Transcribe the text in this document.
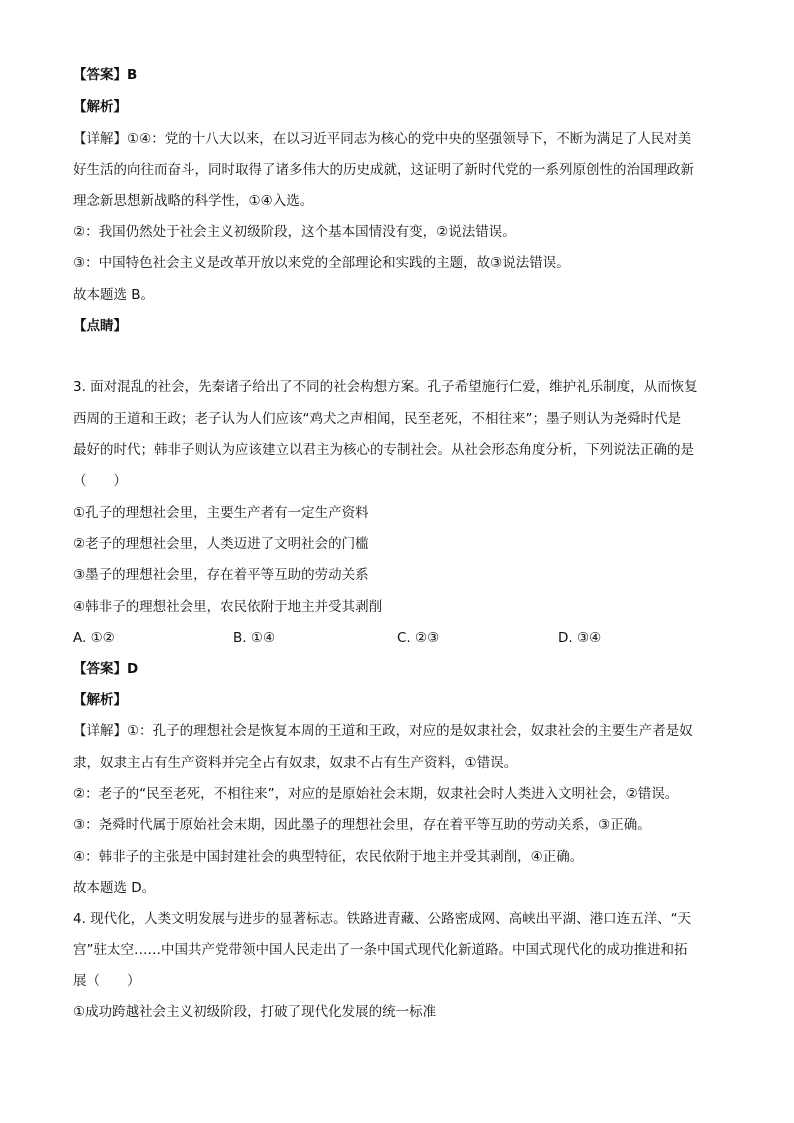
【答案】B
【解析】
【详解】①④：党的十八大以来，在以习近平同志为核心的党中央的坚强领导下，不断为满足了人民对美
好生活的向往而奋斗，同时取得了诸多伟大的历史成就，这证明了新时代党的一系列原创性的治国理政新
理念新思想新战略的科学性，①④入选。
②：我国仍然处于社会主义初级阶段，这个基本国情没有变，②说法错误。
③：中国特色社会主义是改革开放以来党的全部理论和实践的主题，故③说法错误。
故本题选 B。
【点睛】
3. 面对混乱的社会，先秦诸子给出了不同的社会构想方案。孔子希望施行仁爱，维护礼乐制度，从而恢复
西周的王道和王政；老子认为人们应该“鸡犬之声相闻，民至老死，不相往来”；墨子则认为尧舜时代是
最好的时代；韩非子则认为应该建立以君主为核心的专制社会。从社会形态角度分析，下列说法正确的是
（　　）
①孔子的理想社会里，主要生产者有一定生产资料
②老子的理想社会里，人类迈进了文明社会的门槛
③墨子的理想社会里，存在着平等互助的劳动关系
④韩非子的理想社会里，农民依附于地主并受其剥削
A. ①②	B. ①④	C. ②③	D. ③④
【答案】D
【解析】
【详解】①：孔子的理想社会是恢复本周的王道和王政，对应的是奴隶社会，奴隶社会的主要生产者是奴
隶，奴隶主占有生产资料并完全占有奴隶，奴隶不占有生产资料，①错误。
②：老子的“民至老死，不相往来”，对应的是原始社会末期，奴隶社会时人类进入文明社会，②错误。
③：尧舜时代属于原始社会末期，因此墨子的理想社会里，存在着平等互助的劳动关系，③正确。
④：韩非子的主张是中国封建社会的典型特征，农民依附于地主并受其剥削，④正确。
故本题选 D。
4. 现代化，人类文明发展与进步的显著标志。铁路进青藏、公路密成网、高峡出平湖、港口连五洋、“天
宫”驻太空……中国共产党带领中国人民走出了一条中国式现代化新道路。中国式现代化的成功推进和拓
展（　　）
①成功跨越社会主义初级阶段，打破了现代化发展的统一标准
